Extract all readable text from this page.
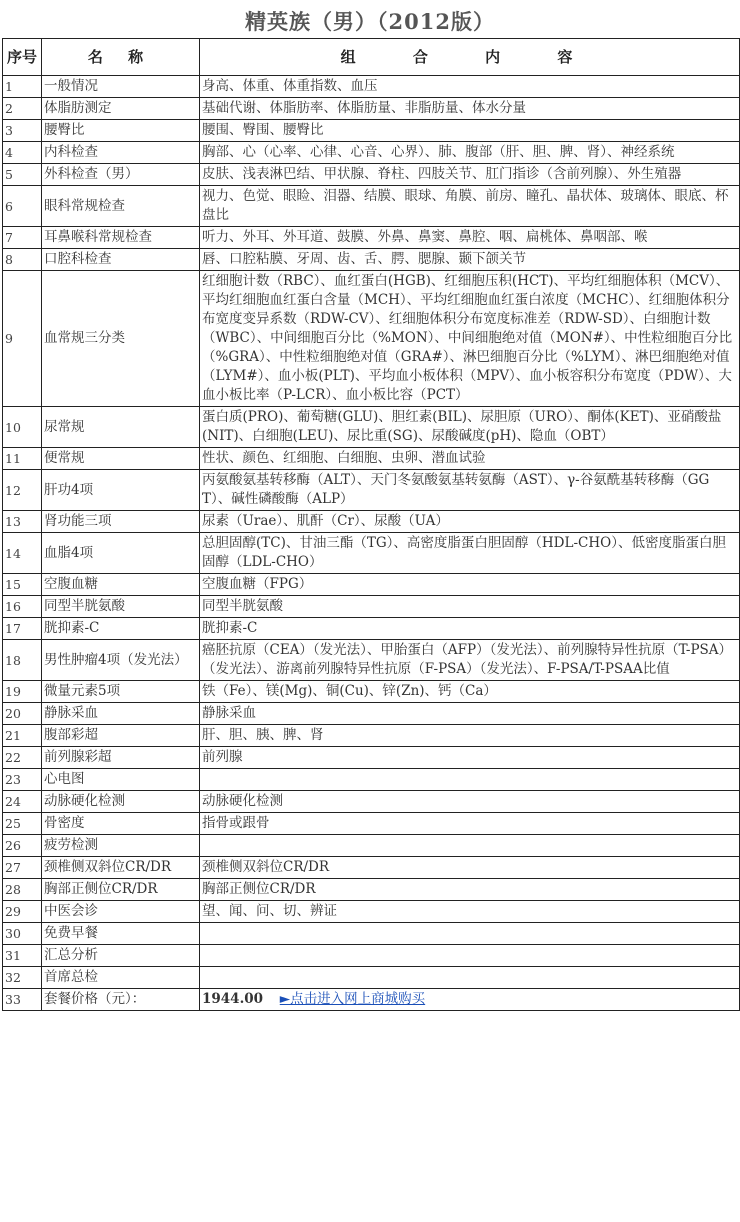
精英族（男）（2012版）
序号	名 称	组 合 内 容
1	一般情况	身高、体重、体重指数、血压
2	体脂肪测定	基础代谢、体脂肪率、体脂肪量、非脂肪量、体水分量
3	腰臀比	腰围、臀围、腰臀比
4	内科检查	胸部、心（心率、心律、心音、心界）、肺、腹部（肝、胆、脾、肾）、神经系统
5	外科检查（男）	皮肤、浅表淋巴结、甲状腺、脊柱、四肢关节、肛门指诊（含前列腺）、外生殖器
6	眼科常规检查	视力、色觉、眼睑、泪器、结膜、眼球、角膜、前房、瞳孔、晶状体、玻璃体、眼底、杯盘比
7	耳鼻喉科常规检查	听力、外耳、外耳道、鼓膜、外鼻、鼻窦、鼻腔、咽、扁桃体、鼻咽部、喉
8	口腔科检查	唇、口腔粘膜、牙周、齿、舌、腭、腮腺、颞下颌关节
9	血常规三分类	红细胞计数（RBC）、血红蛋白(HGB)、红细胞压积(HCT)、平均红细胞体积（MCV）、平均红细胞血红蛋白含量（MCH）、平均红细胞血红蛋白浓度（MCHC）、红细胞体积分布宽度变异系数（RDW-CV）、红细胞体积分布宽度标准差（RDW-SD）、白细胞计数（WBC）、中间细胞百分比（%MON）、中间细胞绝对值（MON#）、中性粒细胞百分比（%GRA）、中性粒细胞绝对值（GRA#）、淋巴细胞百分比（%LYM）、淋巴细胞绝对值（LYM#）、血小板(PLT)、平均血小板体积（MPV）、血小板容积分布宽度（PDW）、大血小板比率（P-LCR）、血小板比容（PCT）
10	尿常规	蛋白质(PRO)、葡萄糖(GLU)、胆红素(BIL)、尿胆原（URO）、酮体(KET)、亚硝酸盐(NIT)、白细胞(LEU)、尿比重(SG)、尿酸碱度(pH)、隐血（OBT）
11	便常规	性状、颜色、红细胞、白细胞、虫卵、潜血试验
12	肝功4项	丙氨酸氨基转移酶（ALT）、天门冬氨酸氨基转氨酶（AST）、γ-谷氨酰基转移酶（GGT）、碱性磷酸酶（ALP）
13	肾功能三项	尿素（Urae）、肌酐（Cr）、尿酸（UA）
14	血脂4项	总胆固醇(TC)、甘油三酯（TG）、高密度脂蛋白胆固醇（HDL-CHO）、低密度脂蛋白胆固醇（LDL-CHO）
15	空腹血糖	空腹血糖（FPG）
16	同型半胱氨酸	同型半胱氨酸
17	胱抑素-C	胱抑素-C
18	男性肿瘤4项（发光法）	癌胚抗原（CEA）（发光法）、甲胎蛋白（AFP）（发光法）、前列腺特异性抗原（T-PSA）（发光法）、游离前列腺特异性抗原（F-PSA）（发光法）、F-PSA/T-PSAA比值
19	微量元素5项	铁（Fe）、镁(Mg)、铜(Cu)、锌(Zn)、钙（Ca）
20	静脉采血	静脉采血
21	腹部彩超	肝、胆、胰、脾、肾
22	前列腺彩超	前列腺
23	心电图	
24	动脉硬化检测	动脉硬化检测
25	骨密度	指骨或跟骨
26	疲劳检测	
27	颈椎侧双斜位CR/DR	颈椎侧双斜位CR/DR
28	胸部正侧位CR/DR	胸部正侧位CR/DR
29	中医会诊	望、闻、问、切、辨证
30	免费早餐	
31	汇总分析	
32	首席总检	
33	套餐价格（元）：	1944.00 ►点击进入网上商城购买
